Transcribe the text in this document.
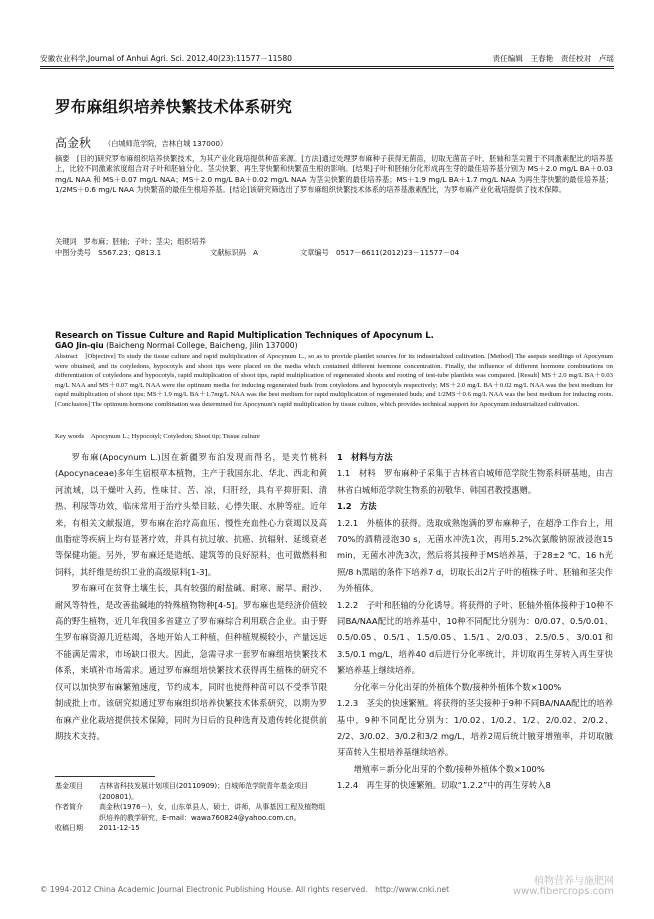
安徽农业科学,Journal of Anhui Agri. Sci. 2012,40(23):11577－11580	责任编辑　王春艳　责任校对　卢瑶
罗布麻组织培养快繁技术体系研究
高金秋 （白城师范学院，吉林白城 137000）

摘要　[目的]研究罗布麻组织培养快繁技术，为其产业化栽培提供种苗来源。[方法]通过处理罗布麻种子获得无菌苗，切取无菌苗子叶、胚轴和茎尖置于不同激素配比的培养基上，比较不同激素浓度组合对子叶和胚轴分化、茎尖快繁、再生芽快繁和快繁苗生根的影响。[结果]子叶和胚轴分化形成再生芽的最佳培养基分别为 MS＋2.0 mg/L BA＋0.03 mg/L NAA 和 MS＋0.07 mg/L NAA；MS＋2.0 mg/L BA＋0.02 mg/L NAA 为茎尖快繁的最佳培养基；MS＋1.9 mg/L BA＋1.7 mg/L NAA 为再生芽快繁的最佳培养基；1/2MS＋0.6 mg/L NAA 为快繁苗的最佳生根培养基。[结论]该研究筛选出了罗布麻组织快繁技术体系的培养基激素配比，为罗布麻产业化栽培提供了技术保障。

关键词　罗布麻；胚轴；子叶；茎尖；组织培养
中图分类号　S567.23；Q813.1	文献标识码　A	文章编号　0517－6611(2012)23－11577－04
Research on Tissue Culture and Rapid Multiplication Techniques of Apocynum L.
GAO Jin-qiu (Baicheng Normal College, Baicheng, Jilin 137000)

Abstract　[Objective] To study the tissue culture and rapid multiplication of Apocynum L., so as to provide plantlet sources for its industrialized cultivation. [Method] The asepsis seedlings of Apocynum were obtained, and its cotyledons, hypocotyls and shoot tips were placed on the media which contained different hormone concentration. Finally, the influence of different hormone combinations on differentiation of cotyledons and hypocotyls, rapid multiplication of shoot tips, rapid multiplication of regenerated shoots and rooting of test-tube plantlets was compared. [Result] MS＋2.0 mg/L BA＋0.03 mg/L NAA and MS＋0.07 mg/L NAA were the optimum media for inducing regenerated buds from cotyledons and hypocotyls respectively; MS＋2.0 mg/L BA＋0.02 mg/L NAA was the best medium for rapid multiplication of shoot tips; MS＋1.9 mg/L BA＋1.7mg/L NAA was the best medium for rapid multiplication of regenerated buds; and 1/2MS＋0.6 mg/L NAA was the best medium for inducing roots. [Conclusion] The optimum hormone combination was determined for Apocynum's rapid multiplication by tissue culture, which provides technical support for Apocynum industrialized cultivation.

Key words　Apocynum L.; Hypocotyl; Cotyledon; Shoot tip; Tissue culture

罗布麻(Apocynum L.)因在新疆罗布泊发现而得名，是夹竹桃科(Apocynaceae)多年生宿根草本植物，主产于我国东北、华北、西北和黄河流域，以干燥叶入药，性味甘、苦、凉，归肝经，具有平抑肝阳、清热、利尿等功效，临床常用于治疗头晕目眩、心悸失眠、水肿等症。近年来，有相关文献报道，罗布麻在治疗高血压、慢性充血性心力衰竭以及高血脂症等疾病上均有显著疗效，并具有抗过敏、抗癌、抗辐射、延缓衰老等保健功能。另外，罗布麻还是造纸、建筑等的良好原料，也可做燃料和饲料，其纤维是纺织工业的高级原料[1-3]。

罗布麻可在贫脊土壤生长，具有较强的耐盐碱、耐寒、耐旱、耐沙、耐风等特性，是改善盐碱地的特殊植物物种[4-5]。罗布麻也是经济价值较高的野生植物，近几年我国多省建立了罗布麻综合利用联合企业。由于野生罗布麻资源几近枯竭，各地开始人工种植，但种植规模较小，产量远远不能满足需求，市场缺口很大。因此，急需寻求一套罗布麻组培快繁技术体系，来填补市场需求。通过罗布麻组培快繁技术获得再生植株的研究不仅可以加快罗布麻繁殖速度，节约成本，同时也使得种苗可以不受季节限制成批上市。该研究拟通过罗布麻组织培养快繁技术体系研究，以期为罗布麻产业化栽培提供技术保障，同时为日后的良种选育及遗传转化提供前期技术支持。

基金项目	吉林省科技发展计划项目(20110909)；白城师范学院青年基金项目(200801)。
作者简介	高金秋(1976－)，女，山东单县人，硕士，讲师，从事基因工程及植物组织培养的教学研究，E-mail：wawa760824@yahoo.com.cn。
收稿日期	2011-12-15

1　材料与方法

1.1　材料　罗布麻种子采集于吉林省白城师范学院生物系科研基地，由吉林省白城师范学院生物系的初敬华、韩国君教授惠赠。

1.2　方法

1.2.1　外植体的获得。选取成熟饱满的罗布麻种子，在超净工作台上，用70%的酒精浸泡30 s，无菌水冲洗1次，再用5.2%次氯酸钠原液浸泡15 min，无菌水冲洗3次，然后将其接种于MS培养基，于28±2 ℃、16 h光照/8 h黑暗的条件下培养7 d，切取长出2片子叶的植株子叶、胚轴和茎尖作为外植体。

1.2.2　子叶和胚轴的分化诱导。将获得的子叶、胚轴外植体接种于10种不同BA/NAA配比的培养基中，10种不同配比分别为：0/0.07、0.5/0.01、0.5/0.05、0.5/1、1.5/0.05、1.5/1、2/0.03、2.5/0.5、3/0.01和3.5/0.1 mg/L，培养40 d后进行分化率统计，并切取再生芽转入再生芽快繁培养基上继续培养。

分化率＝分化出芽的外植体个数/接种外植体个数×100%

1.2.3　茎尖的快速繁殖。将获得的茎尖接种于9种不同BA/NAA配比的培养基中，9种不同配比分别为：1/0.02、1/0.2、1/2、2/0.02、2/0.2、2/2、3/0.02、3/0.2和3/2 mg/L，培养2周后统计腋芽增殖率，并切取腋芽苗转入生根培养基继续培养。

增殖率＝新分化出芽的个数/接种外植体个数×100%

1.2.4　再生芽的快速繁殖。切取“1.2.2”中的再生芽转入8

© 1994-2012 China Academic Journal Electronic Publishing House. All rights reserved.　http://www.cnki.net
植物营养与施肥网
www.fibercrops.com
